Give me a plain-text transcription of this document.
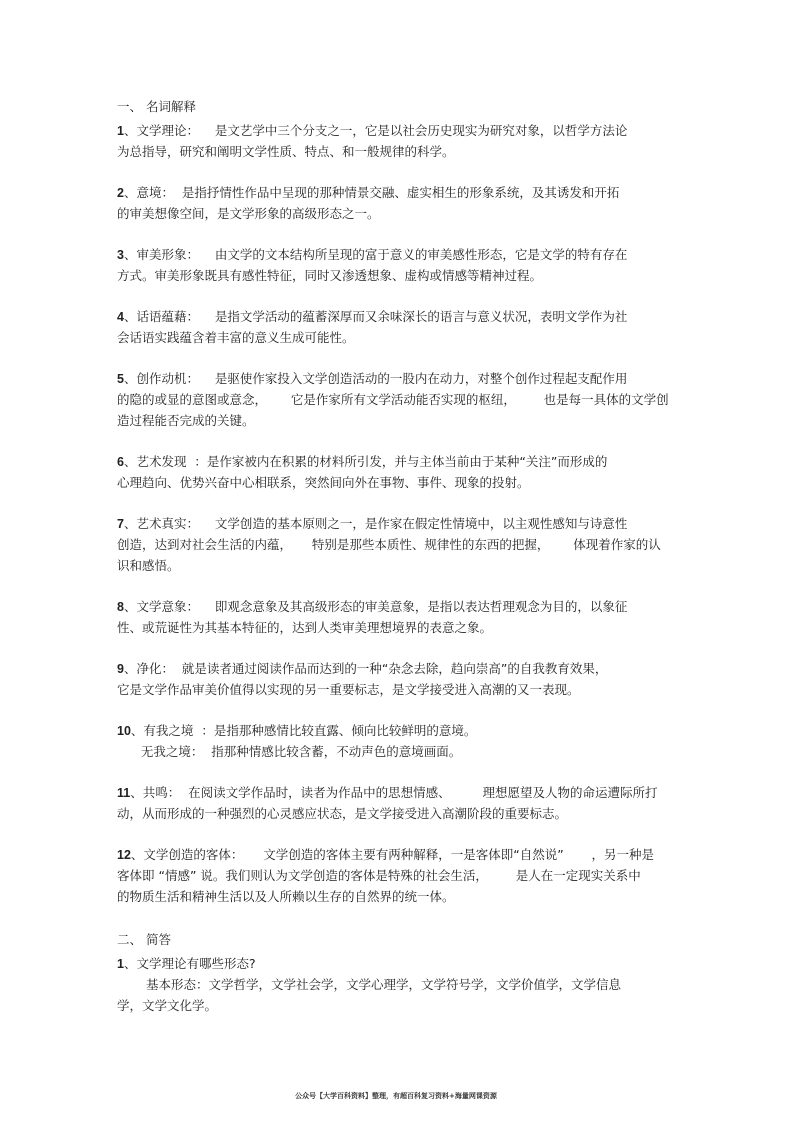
一、 名词解释
1、文学理论：    是文艺学中三个分支之一，它是以社会历史现实为研究对象，以哲学方法论
为总指导，研究和阐明文学性质、特点、和一般规律的科学。
2、意境：  是指抒情性作品中呈现的那种情景交融、虚实相生的形象系统，及其诱发和开拓
的审美想像空间，是文学形象的高级形态之一。
3、审美形象：    由文学的文本结构所呈现的富于意义的审美感性形态，它是文学的特有存在
方式。审美形象既具有感性特征，同时又渗透想象、虚构或情感等精神过程。
4、话语蕴藉：    是指文学活动的蕴蓄深厚而又余味深长的语言与意义状况，表明文学作为社
会话语实践蕴含着丰富的意义生成可能性。
5、创作动机：    是驱使作家投入文学创造活动的一股内在动力，对整个创作过程起支配作用
的隐的或显的意图或意念，      它是作家所有文学活动能否实现的枢纽，       也是每一具体的文学创
造过程能否完成的关键。
6、艺术发现  ：是作家被内在积累的材料所引发，并与主体当前由于某种“关注”而形成的
心理趋向、优势兴奋中心相联系，突然间向外在事物、事件、现象的投射。
7、艺术真实：    文学创造的基本原则之一，是作家在假定性情境中，以主观性感知与诗意性
创造，达到对社会生活的内蕴，     特别是那些本质性、规律性的东西的把握，      体现着作家的认
识和感悟。
8、文学意象：    即观念意象及其高级形态的审美意象，是指以表达哲理观念为目的，以象征
性、或荒诞性为其基本特征的，达到人类审美理想境界的表意之象。
9、净化：  就是读者通过阅读作品而达到的一种“杂念去除，趋向崇高”的自我教育效果，
它是文学作品审美价值得以实现的另一重要标志，是文学接受进入高潮的又一表现。
10、有我之境  ：是指那种感情比较直露、倾向比较鲜明的意境。
无我之境：  指那种情感比较含蓄，不动声色的意境画面。
11、共鸣：  在阅读文学作品时，读者为作品中的思想情感、        理想愿望及人物的命运遭际所打
动，从而形成的一种强烈的心灵感应状态，是文学接受进入高潮阶段的重要标志。
12、文学创造的客体：     文学创造的客体主要有两种解释，一是客体即“自然说”       ，另一种是
客体即 “情感” 说。我们则认为文学创造的客体是特殊的社会生活，       是人在一定现实关系中
的物质生活和精神生活以及人所赖以生存的自然界的统一体。
二、 简答
1、文学理论有哪些形态?
基本形态：文学哲学，文学社会学，文学心理学，文学符号学，文学价值学，文学信息
学，文学文化学。
公众号【大学百科资料】整理，有超百科复习资料+海量网课资源
